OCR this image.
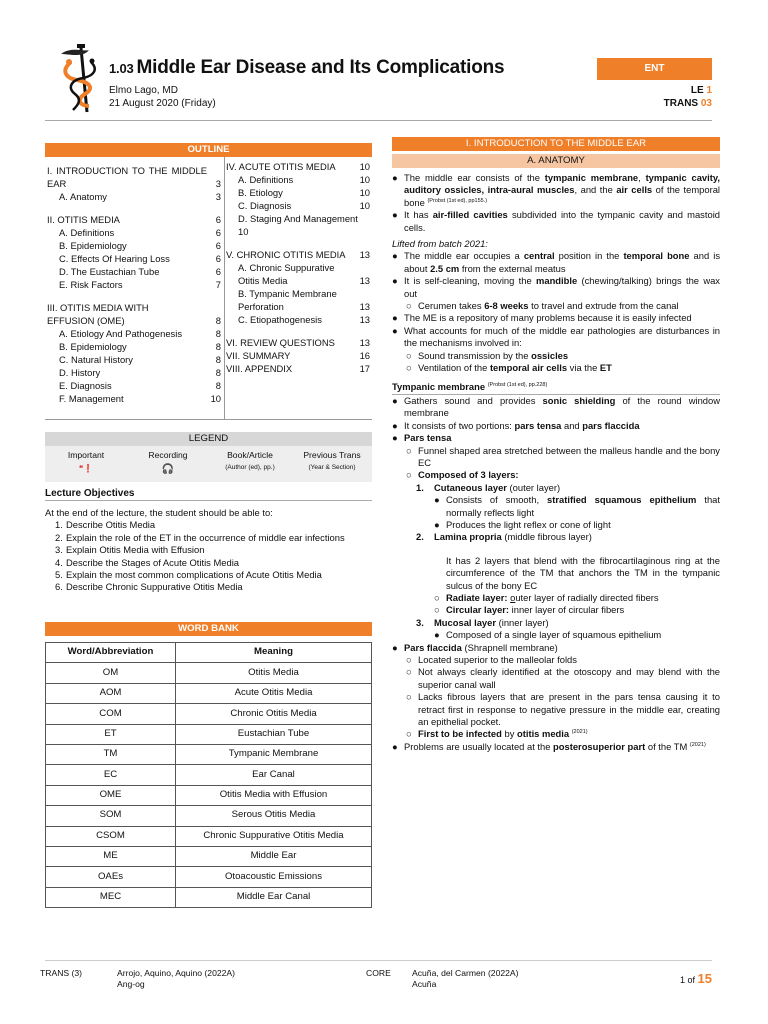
1.03 Middle Ear Disease and Its Complications
Elmo Lago, MD
21 August 2020 (Friday)
ENT
LE 1
TRANS 03
OUTLINE
I. INTRODUCTION TO THE MIDDLE EAR	3
A. Anatomy	3
II. OTITIS MEDIA	6
A. Definitions	6
B. Epidemiology	6
C. Effects Of Hearing Loss	6
D. The Eustachian Tube	6
E. Risk Factors	7
III. OTITIS MEDIA WITH EFFUSION (OME)	8
A. Etiology And Pathogenesis	8
B. Epidemiology	8
C. Natural History	8
D. History	8
E. Diagnosis	8
F. Management	10
IV. ACUTE OTITIS MEDIA	10
A. Definitions	10
B. Etiology	10
C. Diagnosis	10
D. Staging And Management
10
V. CHRONIC OTITIS MEDIA 13
A. Chronic Suppurative Otitis Media	13
B. Tympanic Membrane Perforation	13
C. Etiopathogenesis	13
VI. REVIEW QUESTIONS	13
VII. SUMMARY	16
VIII. APPENDIX	17
LEGEND
Important
❝❗
Recording
🎧
Book/Article
(Author (ed), pp.)
Previous Trans
(Year & Section)
Lecture Objectives
At the end of the lecture, the student should be able to:
1. Describe Otitis Media
2. Explain the role of the ET in the occurrence of middle ear infections
3. Explain Otitis Media with Effusion
4. Describe the Stages of Acute Otitis Media
5. Explain the most common complications of Acute Otitis Media
6. Describe Chronic Suppurative Otitis Media
WORD BANK
Word/Abbreviation	Meaning
OM	Otitis Media
AOM	Acute Otitis Media
COM	Chronic Otitis Media
ET	Eustachian Tube
TM	Tympanic Membrane
EC	Ear Canal
OME	Otitis Media with Effusion
SOM	Serous Otitis Media
CSOM	Chronic Suppurative Otitis Media
ME	Middle Ear
OAEs	Otoacoustic Emissions
MEC	Middle Ear Canal
I. INTRODUCTION TO THE MIDDLE EAR
A. ANATOMY
● The middle ear consists of the tympanic membrane, tympanic cavity, auditory ossicles, intra-aural muscles, and the air cells of the temporal bone $^{(Probst (1st ed), pp155.)}$
● It has air-filled cavities subdivided into the tympanic cavity and mastoid cells.
Lifted from batch 2021:
● The middle ear occupies a central position in the temporal bone and is about 2.5 cm from the external meatus
● It is self-cleaning, moving the mandible (chewing/talking) brings the wax out
○ Cerumen takes 6-8 weeks to travel and extrude from the canal
● The ME is a repository of many problems because it is easily infected
● What accounts for much of the middle ear pathologies are disturbances in the mechanisms involved in:
○ Sound transmission by the ossicles
○ Ventilation of the temporal air cells via the ET
Tympanic membrane $^{(Probst (1st ed), pp.228)}$
● Gathers sound and provides sonic shielding of the round window membrane
● It consists of two portions: pars tensa and pars flaccida
● Pars tensa
○ Funnel shaped area stretched between the malleus handle and the bony EC
○ Composed of 3 layers:
1.	Cutaneous layer (outer layer)
● Consists of smooth, stratified squamous epithelium that normally reflects light
● Produces the light reflex or cone of light
2.	Lamina propria (middle fibrous layer)
It has 2 layers that blend with the fibrocartilaginous ring at the circumference of the TM that anchors the TM in the tympanic sulcus of the bony EC
○ Radiate layer: outer layer of radially directed fibers
○ Circular layer: inner layer of circular fibers
3.	Mucosal layer (inner layer)
● Composed of a single layer of squamous epithelium
● Pars flaccida (Shrapnell membrane)
○ Located superior to the malleolar folds
○ Not always clearly identified at the otoscopy and may blend with the superior canal wall
○ Lacks fibrous layers that are present in the pars tensa causing it to retract first in response to negative pressure in the middle ear, creating an epithelial pocket.
○ First to be infected by otitis media $^{(2021)}$
● Problems are usually located at the posterosuperior part of the TM $^{(2021)}$
TRANS (3)	Arrojo, Aquino, Aquino (2022A)
Ang-og
CORE Acuña, del Carmen (2022A)
Acuña	1 of 15
